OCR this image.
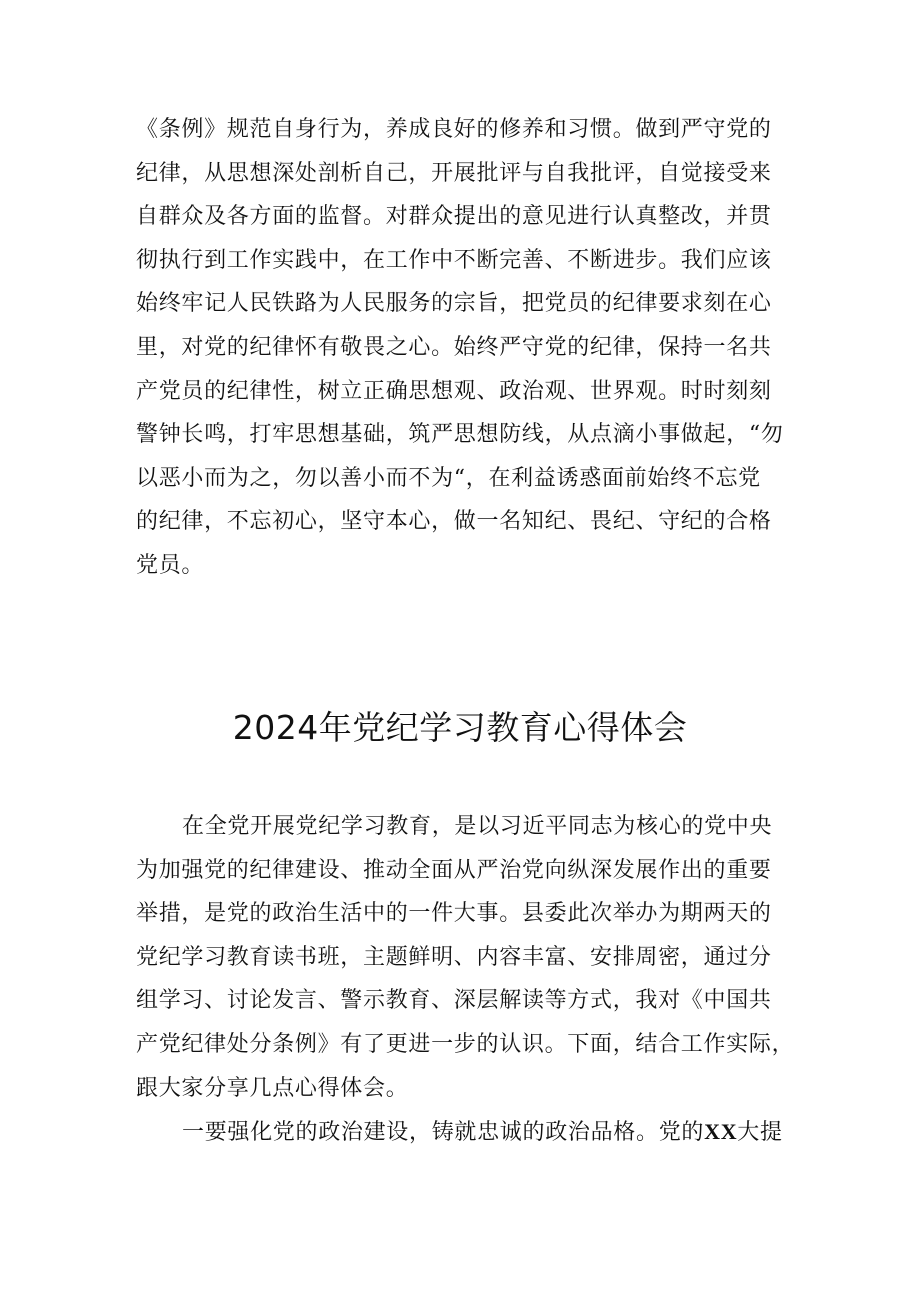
《条例》规范自身行为，养成良好的修养和习惯。做到严守党的
纪律，从思想深处剖析自己，开展批评与自我批评，自觉接受来
自群众及各方面的监督。对群众提出的意见进行认真整改，并贯
彻执行到工作实践中，在工作中不断完善、不断进步。我们应该
始终牢记人民铁路为人民服务的宗旨，把党员的纪律要求刻在心
里，对党的纪律怀有敬畏之心。始终严守党的纪律，保持一名共
产党员的纪律性，树立正确思想观、政治观、世界观。时时刻刻
警钟长鸣，打牢思想基础，筑严思想防线，从点滴小事做起，“勿
以恶小而为之，勿以善小而不为“，在利益诱惑面前始终不忘党
的纪律，不忘初心，坚守本心，做一名知纪、畏纪、守纪的合格
党员。
2024年党纪学习教育心得体会
在全党开展党纪学习教育，是以习近平同志为核心的党中央
为加强党的纪律建设、推动全面从严治党向纵深发展作出的重要
举措，是党的政治生活中的一件大事。县委此次举办为期两天的
党纪学习教育读书班，主题鲜明、内容丰富、安排周密，通过分
组学习、讨论发言、警示教育、深层解读等方式，我对《中国共
产党纪律处分条例》有了更进一步的认识。下面，结合工作实际，
跟大家分享几点心得体会。
一要强化党的政治建设，铸就忠诚的政治品格。党的XX大提
